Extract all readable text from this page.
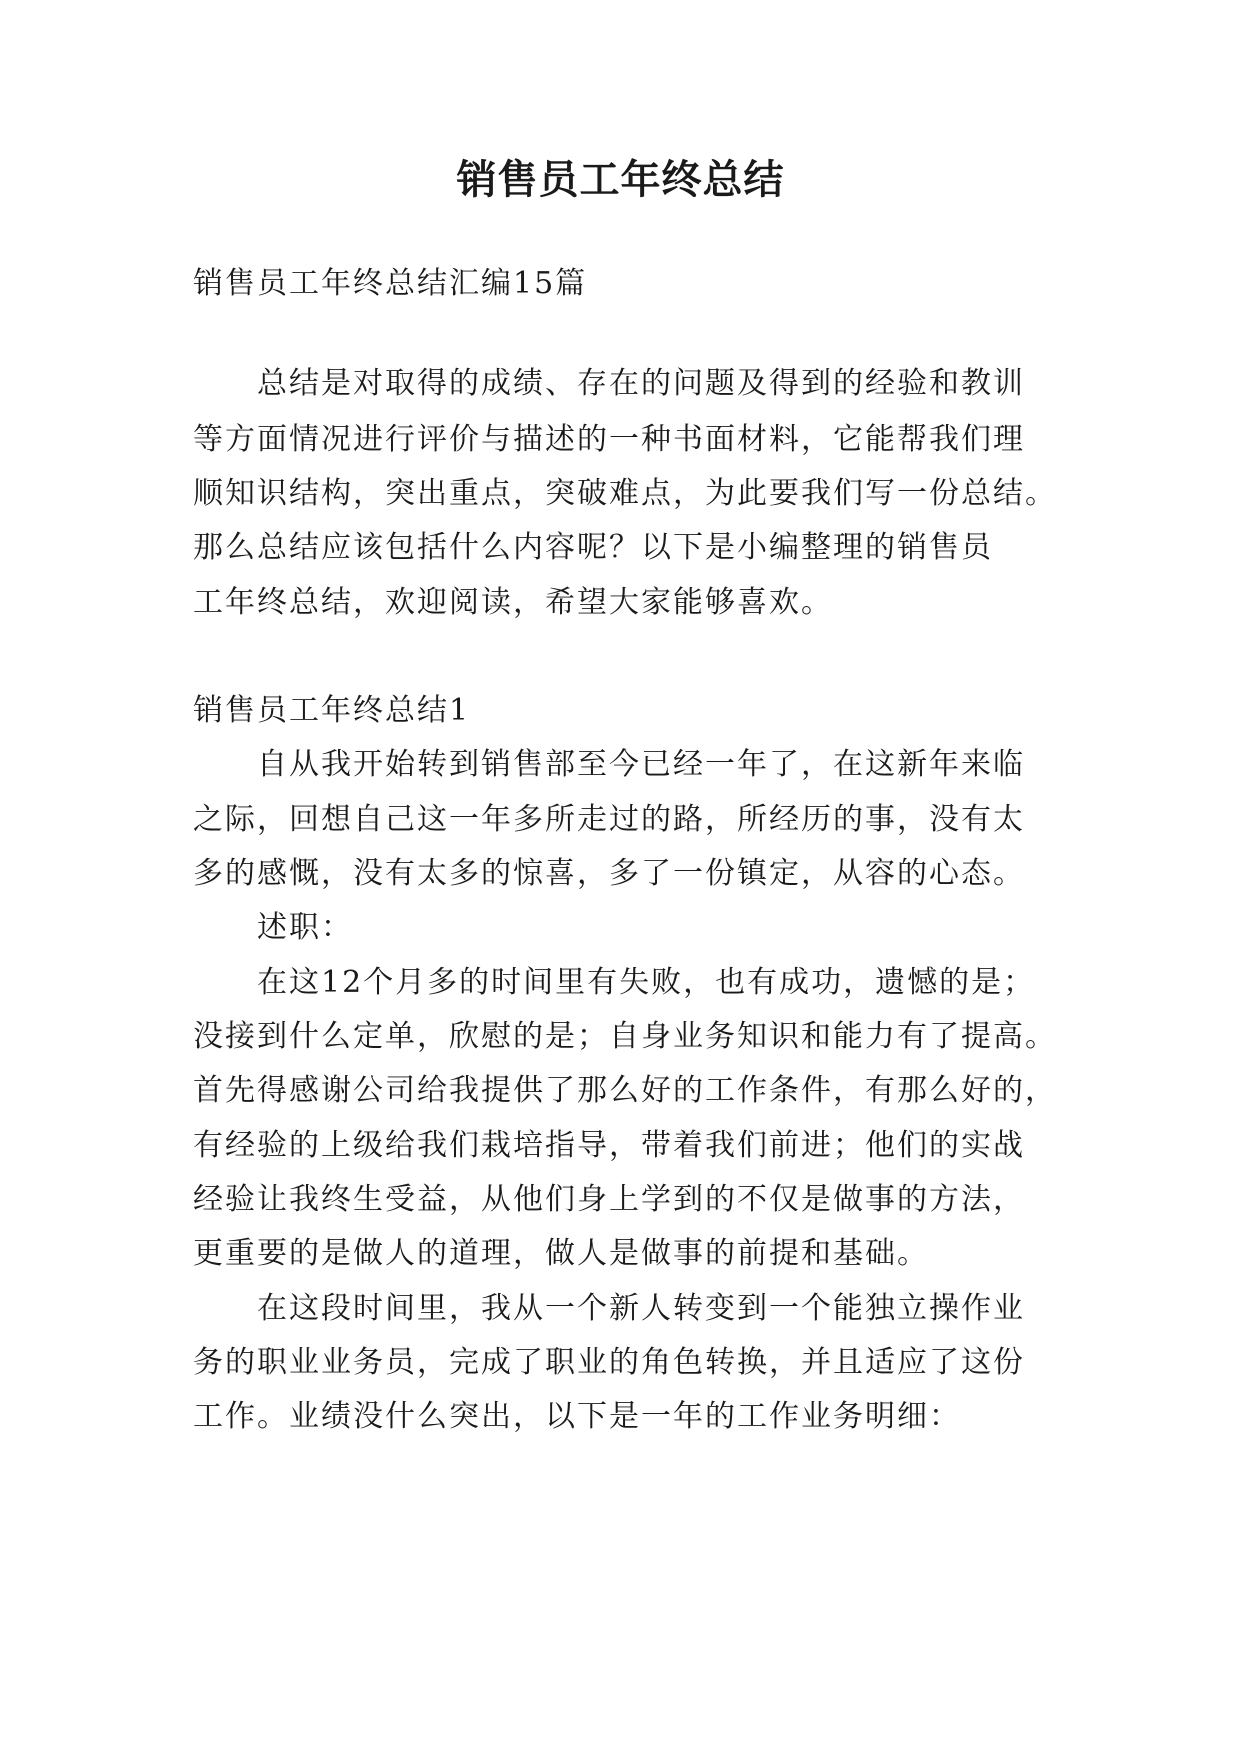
销售员工年终总结

销售员工年终总结汇编15篇

总结是对取得的成绩、存在的问题及得到的经验和教训

等方面情况进行评价与描述的一种书面材料，它能帮我们理

顺知识结构，突出重点，突破难点，为此要我们写一份总结。

那么总结应该包括什么内容呢？以下是小编整理的销售员

工年终总结，欢迎阅读，希望大家能够喜欢。

销售员工年终总结1

自从我开始转到销售部至今已经一年了，在这新年来临

之际，回想自己这一年多所走过的路，所经历的事，没有太

多的感慨，没有太多的惊喜，多了一份镇定，从容的心态。

述职：

在这12个月多的时间里有失败，也有成功，遗憾的是；

没接到什么定单，欣慰的是；自身业务知识和能力有了提高。

首先得感谢公司给我提供了那么好的工作条件，有那么好的，

有经验的上级给我们栽培指导，带着我们前进；他们的实战

经验让我终生受益，从他们身上学到的不仅是做事的方法，

更重要的是做人的道理，做人是做事的前提和基础。

在这段时间里，我从一个新人转变到一个能独立操作业

务的职业业务员，完成了职业的角色转换，并且适应了这份

工作。业绩没什么突出，以下是一年的工作业务明细：
